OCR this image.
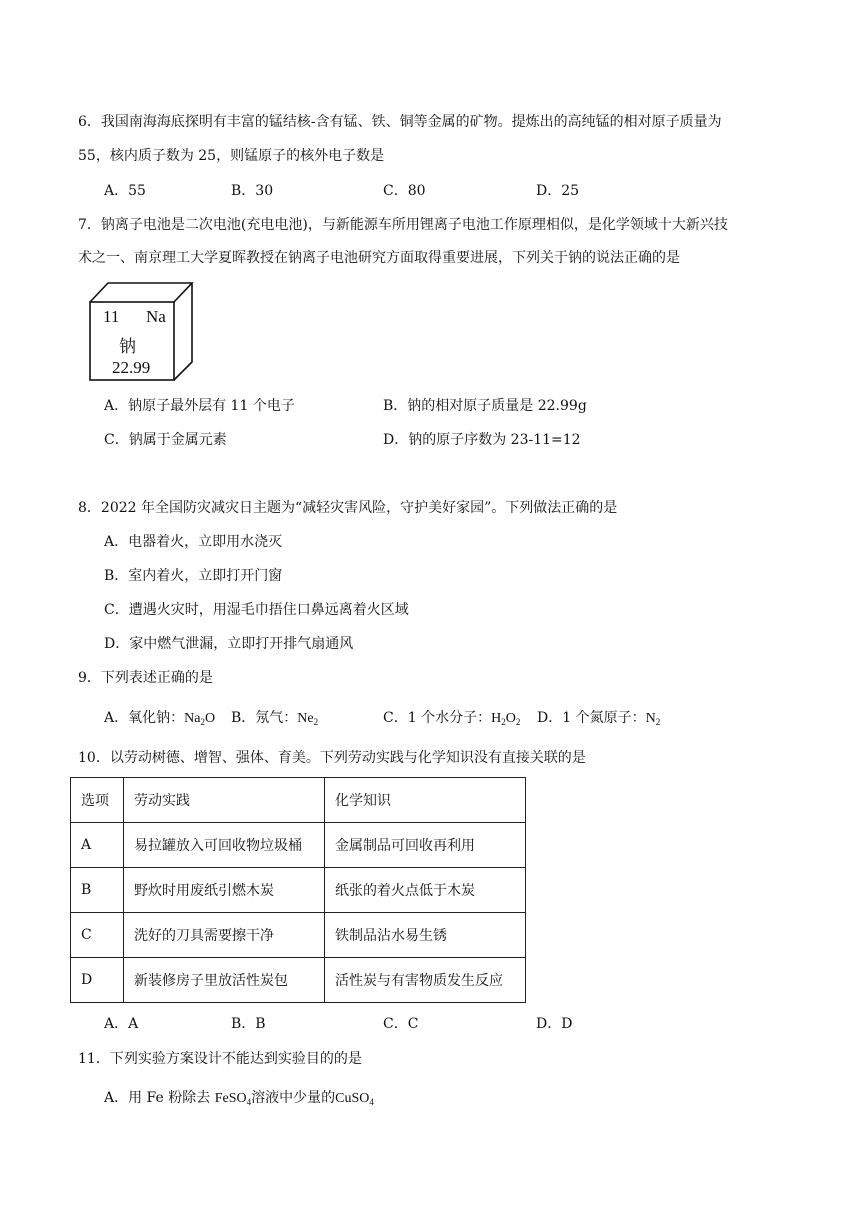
6．我国南海海底探明有丰富的锰结核-含有锰、铁、铜等金属的矿物。提炼出的高纯锰的相对原子质量为
55，核内质子数为 25，则锰原子的核外电子数是
A．55	B．30	C．80	D．25
7．钠离子电池是二次电池(充电电池)，与新能源车所用锂离子电池工作原理相似，是化学领域十大新兴技
术之一、南京理工大学夏晖教授在钠离子电池研究方面取得重要进展，下列关于钠的说法正确的是
11 Na
钠
22.99
A．钠原子最外层有 11 个电子	B．钠的相对原子质量是 22.99g
C．钠属于金属元素	D．钠的原子序数为 23-11=12
8．2022 年全国防灾减灾日主题为“减轻灾害风险，守护美好家园”。下列做法正确的是
A．电器着火，立即用水浇灭
B．室内着火，立即打开门窗
C．遭遇火灾时，用湿毛巾捂住口鼻远离着火区域
D．家中燃气泄漏，立即打开排气扇通风
9．下列表述正确的是
A．氧化钠：$Na_2O$ B．氖气：$Ne_2$	C．1 个水分子：$H_2O_2$ D．1 个氮原子：$N_2$
10．以劳动树德、增智、强体、育美。下列劳动实践与化学知识没有直接关联的是
选项	劳动实践	化学知识
A	易拉罐放入可回收物垃圾桶	金属制品可回收再利用
B	野炊时用废纸引燃木炭	纸张的着火点低于木炭
C	洗好的刀具需要擦干净	铁制品沾水易生锈
D	新装修房子里放活性炭包	活性炭与有害物质发生反应
A．A	B．B	C．C	D．D
11．下列实验方案设计不能达到实验目的的是
A．用 Fe 粉除去 FeSO$_4$溶液中少量的CuSO$_4$
